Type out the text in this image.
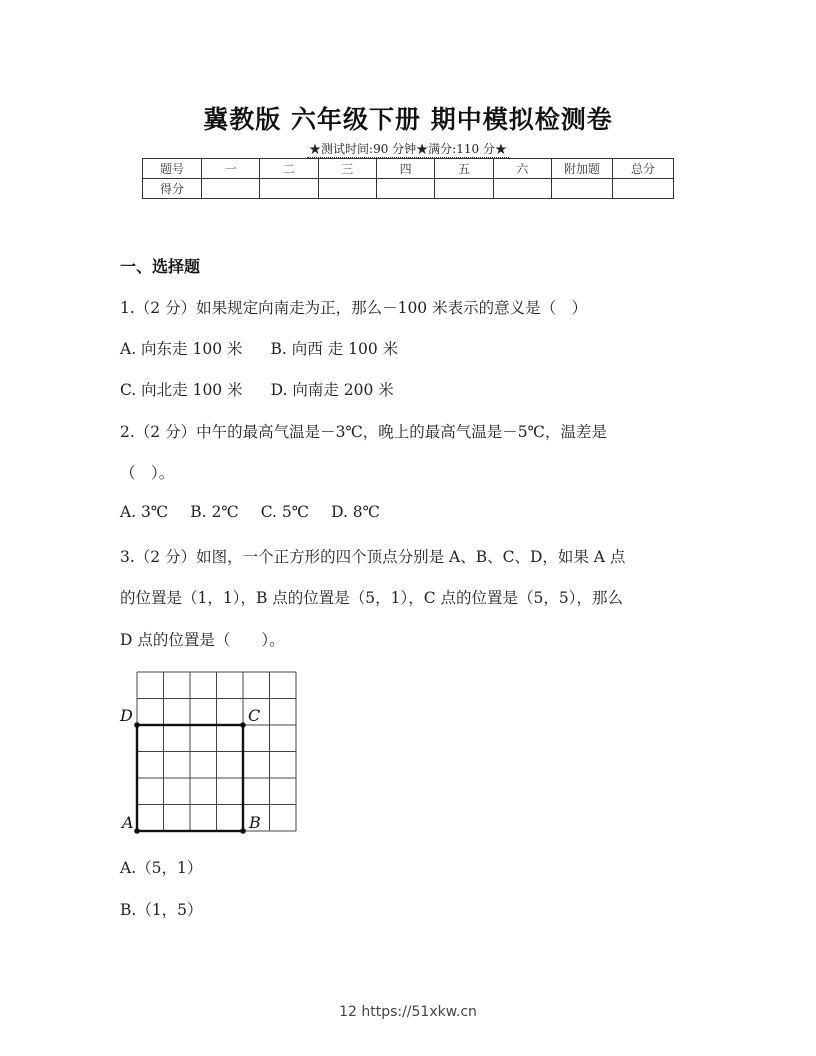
冀教版 六年级下册 期中模拟检测卷
★测试时间:90 分钟★满分:110 分★
题号	一	二	三	四	五	六	附加题	总分
得分								
一、选择题
1.（2 分）如果规定向南走为正，那么－100 米表示的意义是（　）
A. 向东走 100 米 B. 向西 走 100 米
C. 向北走 100 米 D. 向南走 200 米
2.（2 分）中午的最高气温是－3℃，晚上的最高气温是－5℃，温差是
（　）。
A. 3℃ B. 2℃ C. 5℃ D. 8℃
3.（2 分）如图，一个正方形的四个顶点分别是 A、B、C、D，如果 A 点
的位置是（1，1），B 点的位置是（5，1），C 点的位置是（5，5），那么
D 点的位置是（　　）。
D	C
A	B
A.（5，1）
B.（1，5）
12 https://51xkw.cn
